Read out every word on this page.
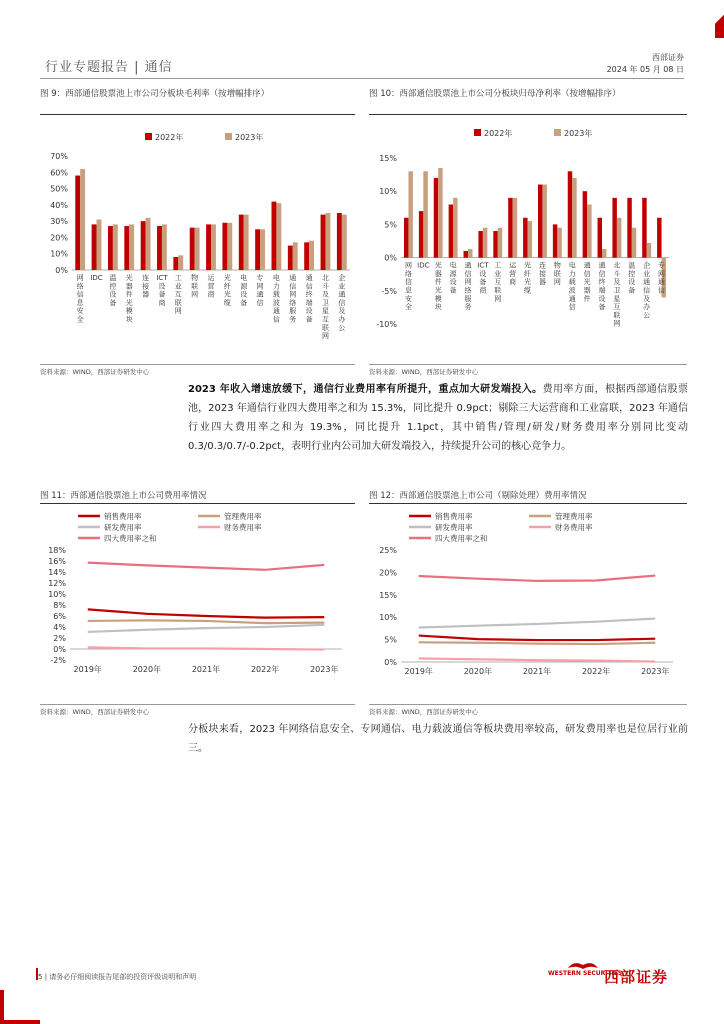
行业专题报告 | 通信
西部证券
2024 年 05 月 08 日
图 9：西部通信股票池上市公司分板块毛利率（按增幅排序）
0%
10%
20%
30%
40%
50%
60%
70%
网络信息安全
IDC 温控设备
光器件光模块
连接器
ICT 设备商
工业互联网
物联网
运营商
光纤光缆
电源设备
专网通信
电力载波通信
通信网络服务
通信终端设备
北斗及卫星互联网
企业通信及办公
2022年	2023年
资料来源：WIND，西部证券研发中心
图 10：西部通信股票池上市公司分板块归母净利率（按增幅排序）
-10%
-5%
0%
5%
10%
15%
网络信息安全
IDC 光器件光模块
电源设备
通信网络服务
ICT 设备商
工业互联网
运营商
光纤光缆
连接器
物联网
电力载波通信
通信光器件
通信终端设备
北斗及卫星互联网
温控设备
企业通信及办公
专网通信
2022年	2023年
资料来源：WIND，西部证券研发中心
2023 年收入增速放缓下，通信行业费用率有所提升，重点加大研发端投入。费用率方面，根据西部通信股票池，2023 年通信行业四大费用率之和为 15.3%，同比提升 0.9pct；剔除三大运营商和工业富联，2023 年通信行业四大费用率之和为 19.3%，同比提升 1.1pct，其中销售/管理/研发/财务费用率分别同比变动 0.3/0.3/0.7/-0.2pct，表明行业内公司加大研发端投入，持续提升公司的核心竞争力。
图 11：西部通信股票池上市公司费用率情况
-2%
0%
2%
4%
6%
8%
10%
12%
14%
16%
18%
2019年	2020年	2021年	2022年	2023年
销售费用率	管理费用率
研发费用率	财务费用率
四大费用率之和
资料来源：WIND，西部证券研发中心
图 12：西部通信股票池上市公司（剔除处理）费用率情况
0%
5%
10%
15%
20%
25%
2019年	2020年	2021年	2022年	2023年
销售费用率	管理费用率
研发费用率	财务费用率
四大费用率之和
资料来源：WIND，西部证券研发中心
分板块来看，2023 年网络信息安全、专网通信、电力载波通信等板块费用率较高，研发费用率也是位居行业前三。
5 | 请务必仔细阅读报告尾部的投资评级说明和声明	WESTERN SECURITIES
西部证券
